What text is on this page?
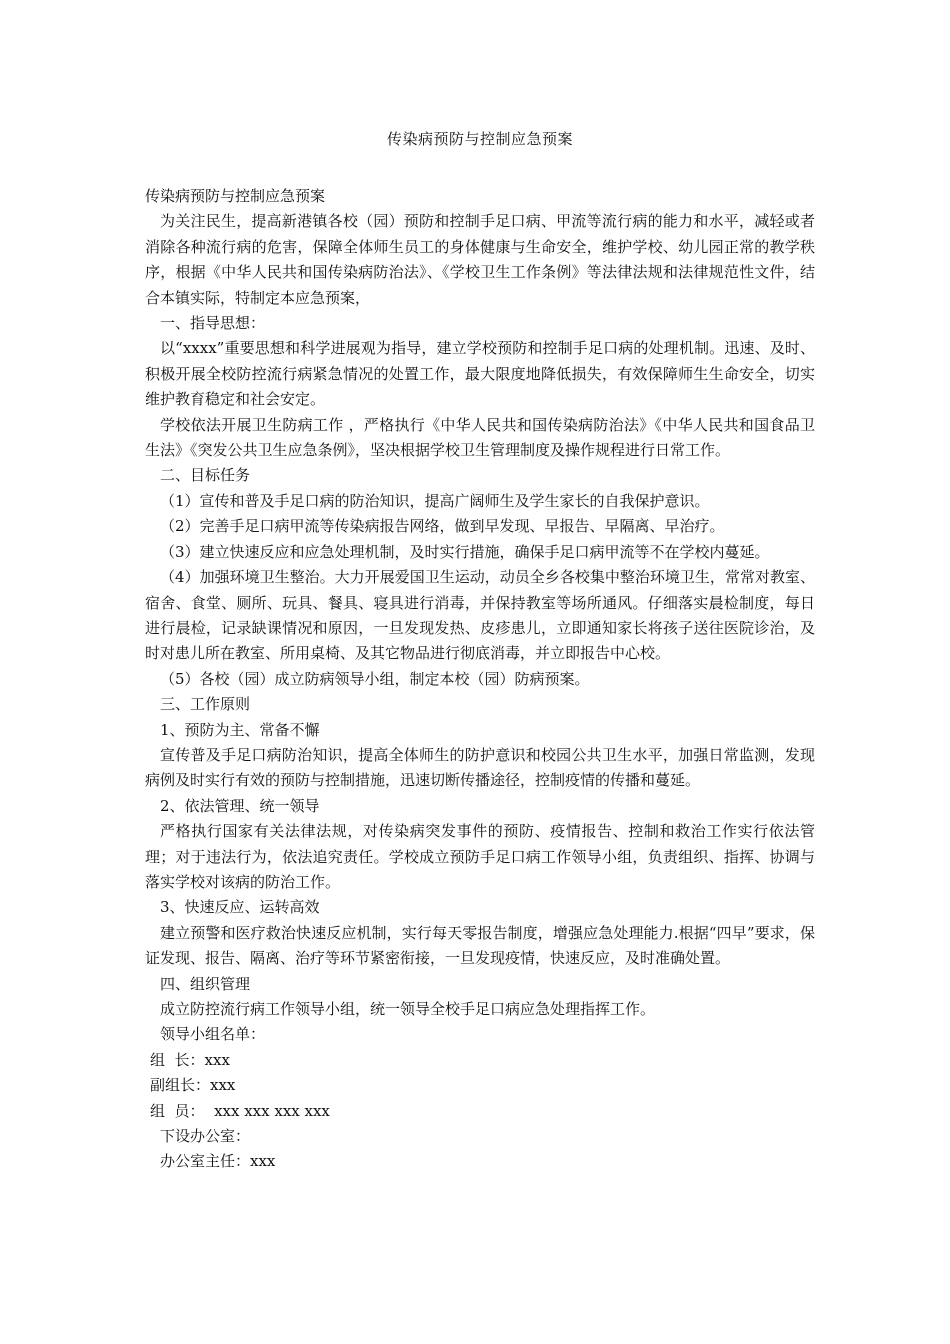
传染病预防与控制应急预案

传染病预防与控制应急预案

为关注民生，提高新港镇各校（园）预防和控制手足口病、甲流等流行病的能力和水平，减轻或者消除各种流行病的危害，保障全体师生员工的身体健康与生命安全，维护学校、幼儿园正常的教学秩序，根据《中华人民共和国传染病防治法》、《学校卫生工作条例》等法律法规和法律规范性文件，结合本镇实际，特制定本应急预案，

一、指导思想：

以“xxxx”重要思想和科学进展观为指导，建立学校预防和控制手足口病的处理机制。迅速、及时、积极开展全校防控流行病紧急情况的处置工作，最大限度地降低损失，有效保障师生生命安全，切实维护教育稳定和社会安定。

学校依法开展卫生防病工作 ，严格执行《中华人民共和国传染病防治法》《中华人民共和国食品卫生法》《突发公共卫生应急条例》，坚决根据学校卫生管理制度及操作规程进行日常工作。

二、目标任务

（1）宣传和普及手足口病的防治知识，提高广阔师生及学生家长的自我保护意识。

（2）完善手足口病甲流等传染病报告网络，做到早发现、早报告、早隔离、早治疗。

（3）建立快速反应和应急处理机制，及时实行措施，确保手足口病甲流等不在学校内蔓延。

（4）加强环境卫生整治。大力开展爱国卫生运动，动员全乡各校集中整治环境卫生，常常对教室、宿舍、食堂、厕所、玩具、餐具、寝具进行消毒，并保持教室等场所通风。仔细落实晨检制度，每日进行晨检，记录缺课情况和原因，一旦发现发热、皮疹患儿，立即通知家长将孩子送往医院诊治，及时对患儿所在教室、所用桌椅、及其它物品进行彻底消毒，并立即报告中心校。

（5）各校（园）成立防病领导小组，制定本校（园）防病预案。

三、工作原则

1、预防为主、常备不懈

宣传普及手足口病防治知识，提高全体师生的防护意识和校园公共卫生水平，加强日常监测，发现病例及时实行有效的预防与控制措施，迅速切断传播途径，控制疫情的传播和蔓延。

2、依法管理、统一领导

严格执行国家有关法律法规，对传染病突发事件的预防、疫情报告、控制和救治工作实行依法管理；对于违法行为，依法追究责任。学校成立预防手足口病工作领导小组，负责组织、指挥、协调与落实学校对该病的防治工作。

3、快速反应、运转高效

建立预警和医疗救治快速反应机制，实行每天零报告制度，增强应急处理能力.根据“四早”要求，保证发现、报告、隔离、治疗等环节紧密衔接，一旦发现疫情，快速反应，及时准确处置。

四、组织管理

成立防控流行病工作领导小组，统一领导全校手足口病应急处理指挥工作。

领导小组名单：

组  长：xxx

副组长：xxx

组  员：  xxx xxx xxx xxx

下设办公室：

办公室主任：xxx
